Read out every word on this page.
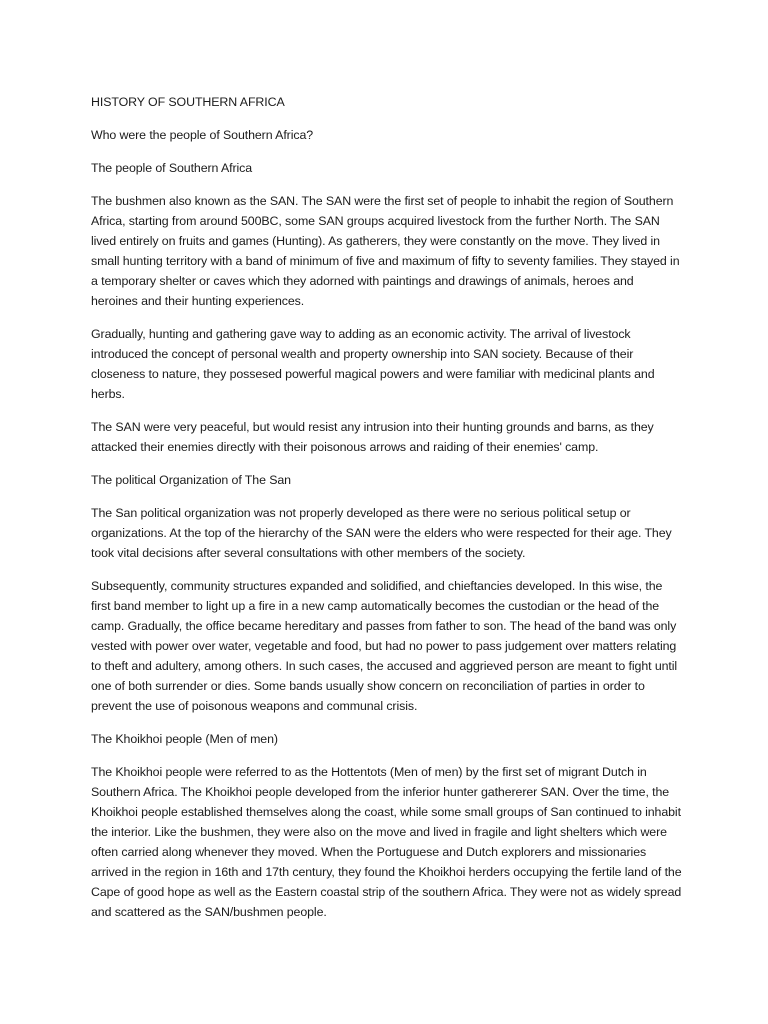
HISTORY OF SOUTHERN AFRICA

Who were the people of Southern Africa?

The people of Southern Africa

The bushmen also known as the SAN. The SAN were the first set of people to inhabit the region of Southern Africa, starting from around 500BC, some SAN groups acquired livestock from the further North. The SAN lived entirely on fruits and games (Hunting). As gatherers, they were constantly on the move. They lived in small hunting territory with a band of minimum of five and maximum of fifty to seventy families. They stayed in a temporary shelter or caves which they adorned with paintings and drawings of animals, heroes and heroines and their hunting experiences.

Gradually, hunting and gathering gave way to adding as an economic activity. The arrival of livestock introduced the concept of personal wealth and property ownership into SAN society. Because of their closeness to nature, they possesed powerful magical powers and were familiar with medicinal plants and herbs.

The SAN were very peaceful, but would resist any intrusion into their hunting grounds and barns, as they attacked their enemies directly with their poisonous arrows and raiding of their enemies' camp.

The political Organization of The San

The San political organization was not properly developed as there were no serious political setup or organizations. At the top of the hierarchy of the SAN were the elders who were respected for their age. They took vital decisions after several consultations with other members of the society.

Subsequently, community structures expanded and solidified, and chieftancies developed. In this wise, the first band member to light up a fire in a new camp automatically becomes the custodian or the head of the camp. Gradually, the office became hereditary and passes from father to son. The head of the band was only vested with power over water, vegetable and food, but had no power to pass judgement over matters relating to theft and adultery, among others. In such cases, the accused and aggrieved person are meant to fight until one of both surrender or dies. Some bands usually show concern on reconciliation of parties in order to prevent the use of poisonous weapons and communal crisis.

The Khoikhoi people (Men of men)

The Khoikhoi people were referred to as the Hottentots (Men of men) by the first set of migrant Dutch in Southern Africa. The Khoikhoi people developed from the inferior hunter gathererer SAN. Over the time, the Khoikhoi people established themselves along the coast, while some small groups of San continued to inhabit the interior. Like the bushmen, they were also on the move and lived in fragile and light shelters which were often carried along whenever they moved. When the Portuguese and Dutch explorers and missionaries arrived in the region in 16th and 17th century, they found the Khoikhoi herders occupying the fertile land of the Cape of good hope as well as the Eastern coastal strip of the southern Africa. They were not as widely spread and scattered as the SAN/bushmen people.
